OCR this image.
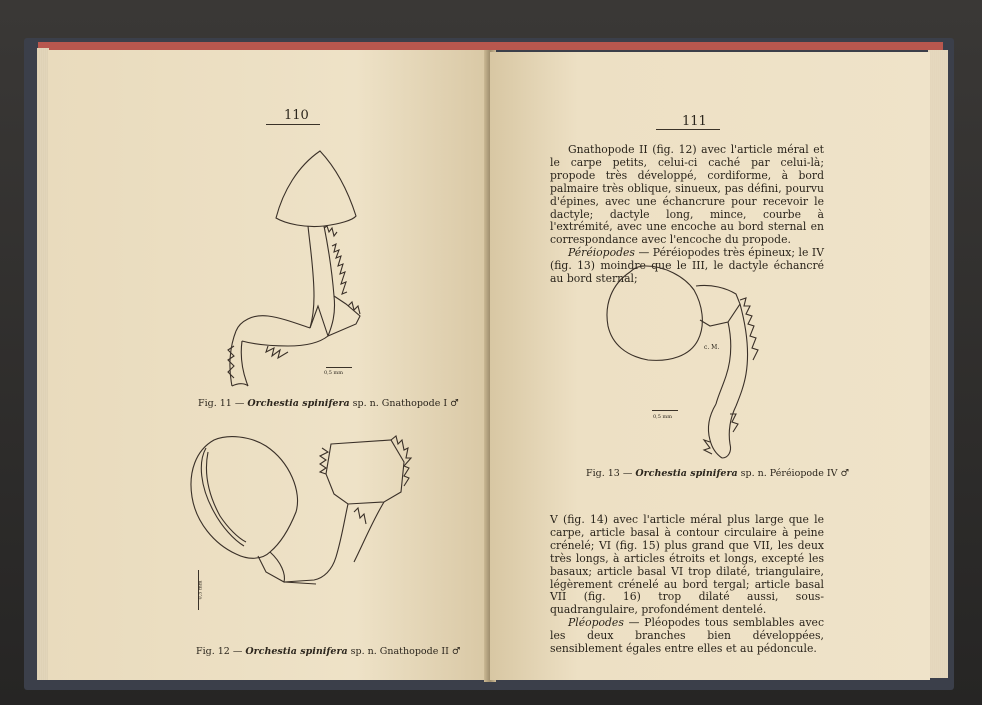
110
0,5 mm
Fig. 11 — Orchestia spinifera sp. n. Gnathopode I ♂
0,5 mm
Fig. 12 — Orchestia spinifera sp. n. Gnathopode II ♂
111

Gnathopode II (fig. 12) avec l'article méral et le carpe petits, celui-ci caché par celui-là; propode très développé, cordiforme, à bord palmaire très oblique, sinueux, pas défini, pourvu d'épines, avec une échancrure pour recevoir le dactyle; dactyle long, mince, courbe à l'extrémité, avec une encoche au bord sternal en correspondance avec l'encoche du propode.

Péréiopodes — Péréiopodes très épineux; le IV (fig. 13) moindre que le III, le dactyle échancré au bord sternal;

c. M.
0,5 mm
Fig. 13 — Orchestia spinifera sp. n. Péréiopode IV ♂

V (fig. 14) avec l'article méral plus large que le carpe, article basal à contour circulaire à peine crénelé; VI (fig. 15) plus grand que VII, les deux très longs, à articles étroits et longs, excepté les basaux; article basal VI trop dilaté, triangulaire, légèrement crénelé au bord tergal; article basal VII (fig. 16) trop dilaté aussi, sous-quadrangulaire, profondément dentelé.

Pléopodes — Pléopodes tous semblables avec les deux branches bien développées, sensiblement égales entre elles et au pédoncule.
